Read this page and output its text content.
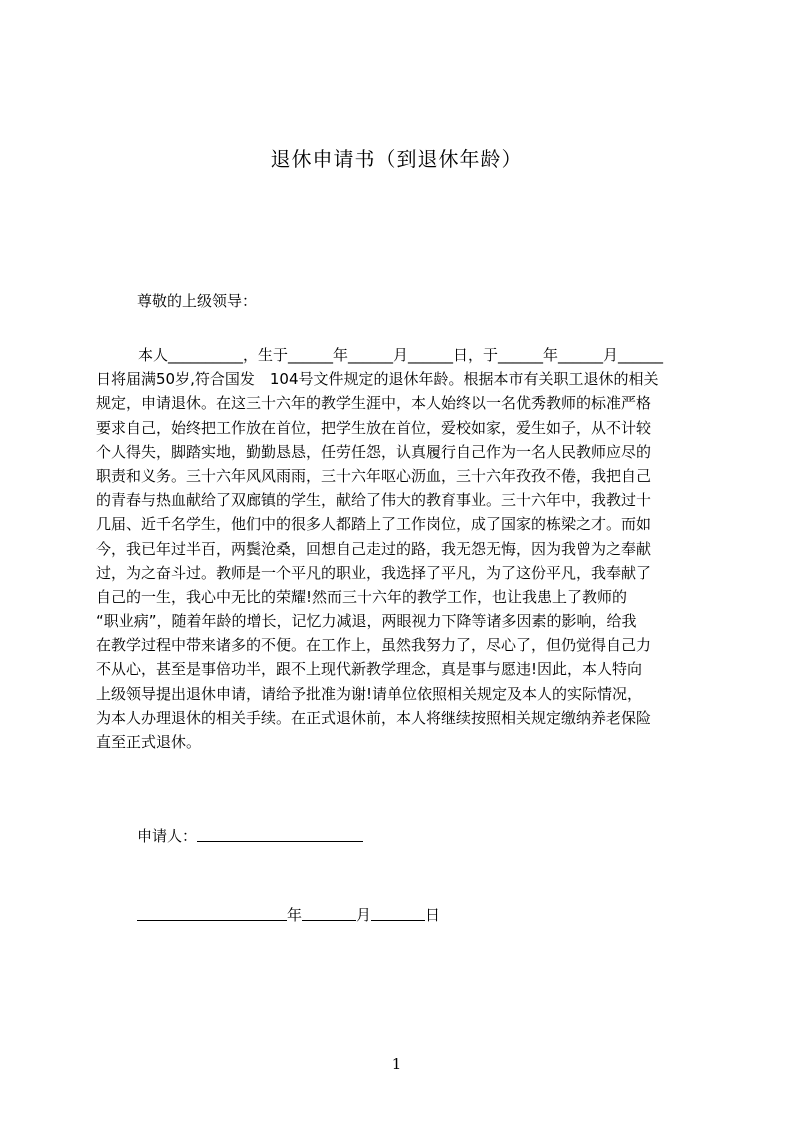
退休申请书（到退休年龄）
尊敬的上级领导：
本人__________，生于______年______月______日，于______年______月______
日将届满50岁,符合国发　104号文件规定的退休年龄。根据本市有关职工退休的相关
规定，申请退休。在这三十六年的教学生涯中，本人始终以一名优秀教师的标准严格
要求自己，始终把工作放在首位，把学生放在首位，爱校如家，爱生如子，从不计较
个人得失，脚踏实地，勤勤恳恳，任劳任怨，认真履行自己作为一名人民教师应尽的
职责和义务。三十六年风风雨雨，三十六年呕心沥血，三十六年孜孜不倦，我把自己
的青春与热血献给了双廊镇的学生，献给了伟大的教育事业。三十六年中，我教过十
几届、近千名学生，他们中的很多人都踏上了工作岗位，成了国家的栋梁之才。而如
今，我已年过半百，两鬓沧桑，回想自己走过的路，我无怨无悔，因为我曾为之奉献
过，为之奋斗过。教师是一个平凡的职业，我选择了平凡，为了这份平凡，我奉献了
自己的一生，我心中无比的荣耀!然而三十六年的教学工作，也让我患上了教师的
“职业病”，随着年龄的增长，记忆力减退，两眼视力下降等诸多因素的影响，给我
在教学过程中带来诸多的不便。在工作上，虽然我努力了，尽心了，但仍觉得自己力
不从心，甚至是事倍功半，跟不上现代新教学理念，真是事与愿违!因此，本人特向
上级领导提出退休申请，请给予批准为谢!请单位依照相关规定及本人的实际情况，
为本人办理退休的相关手续。在正式退休前，本人将继续按照相关规定缴纳养老保险
直至正式退休。
申请人：
年	月	日
1
